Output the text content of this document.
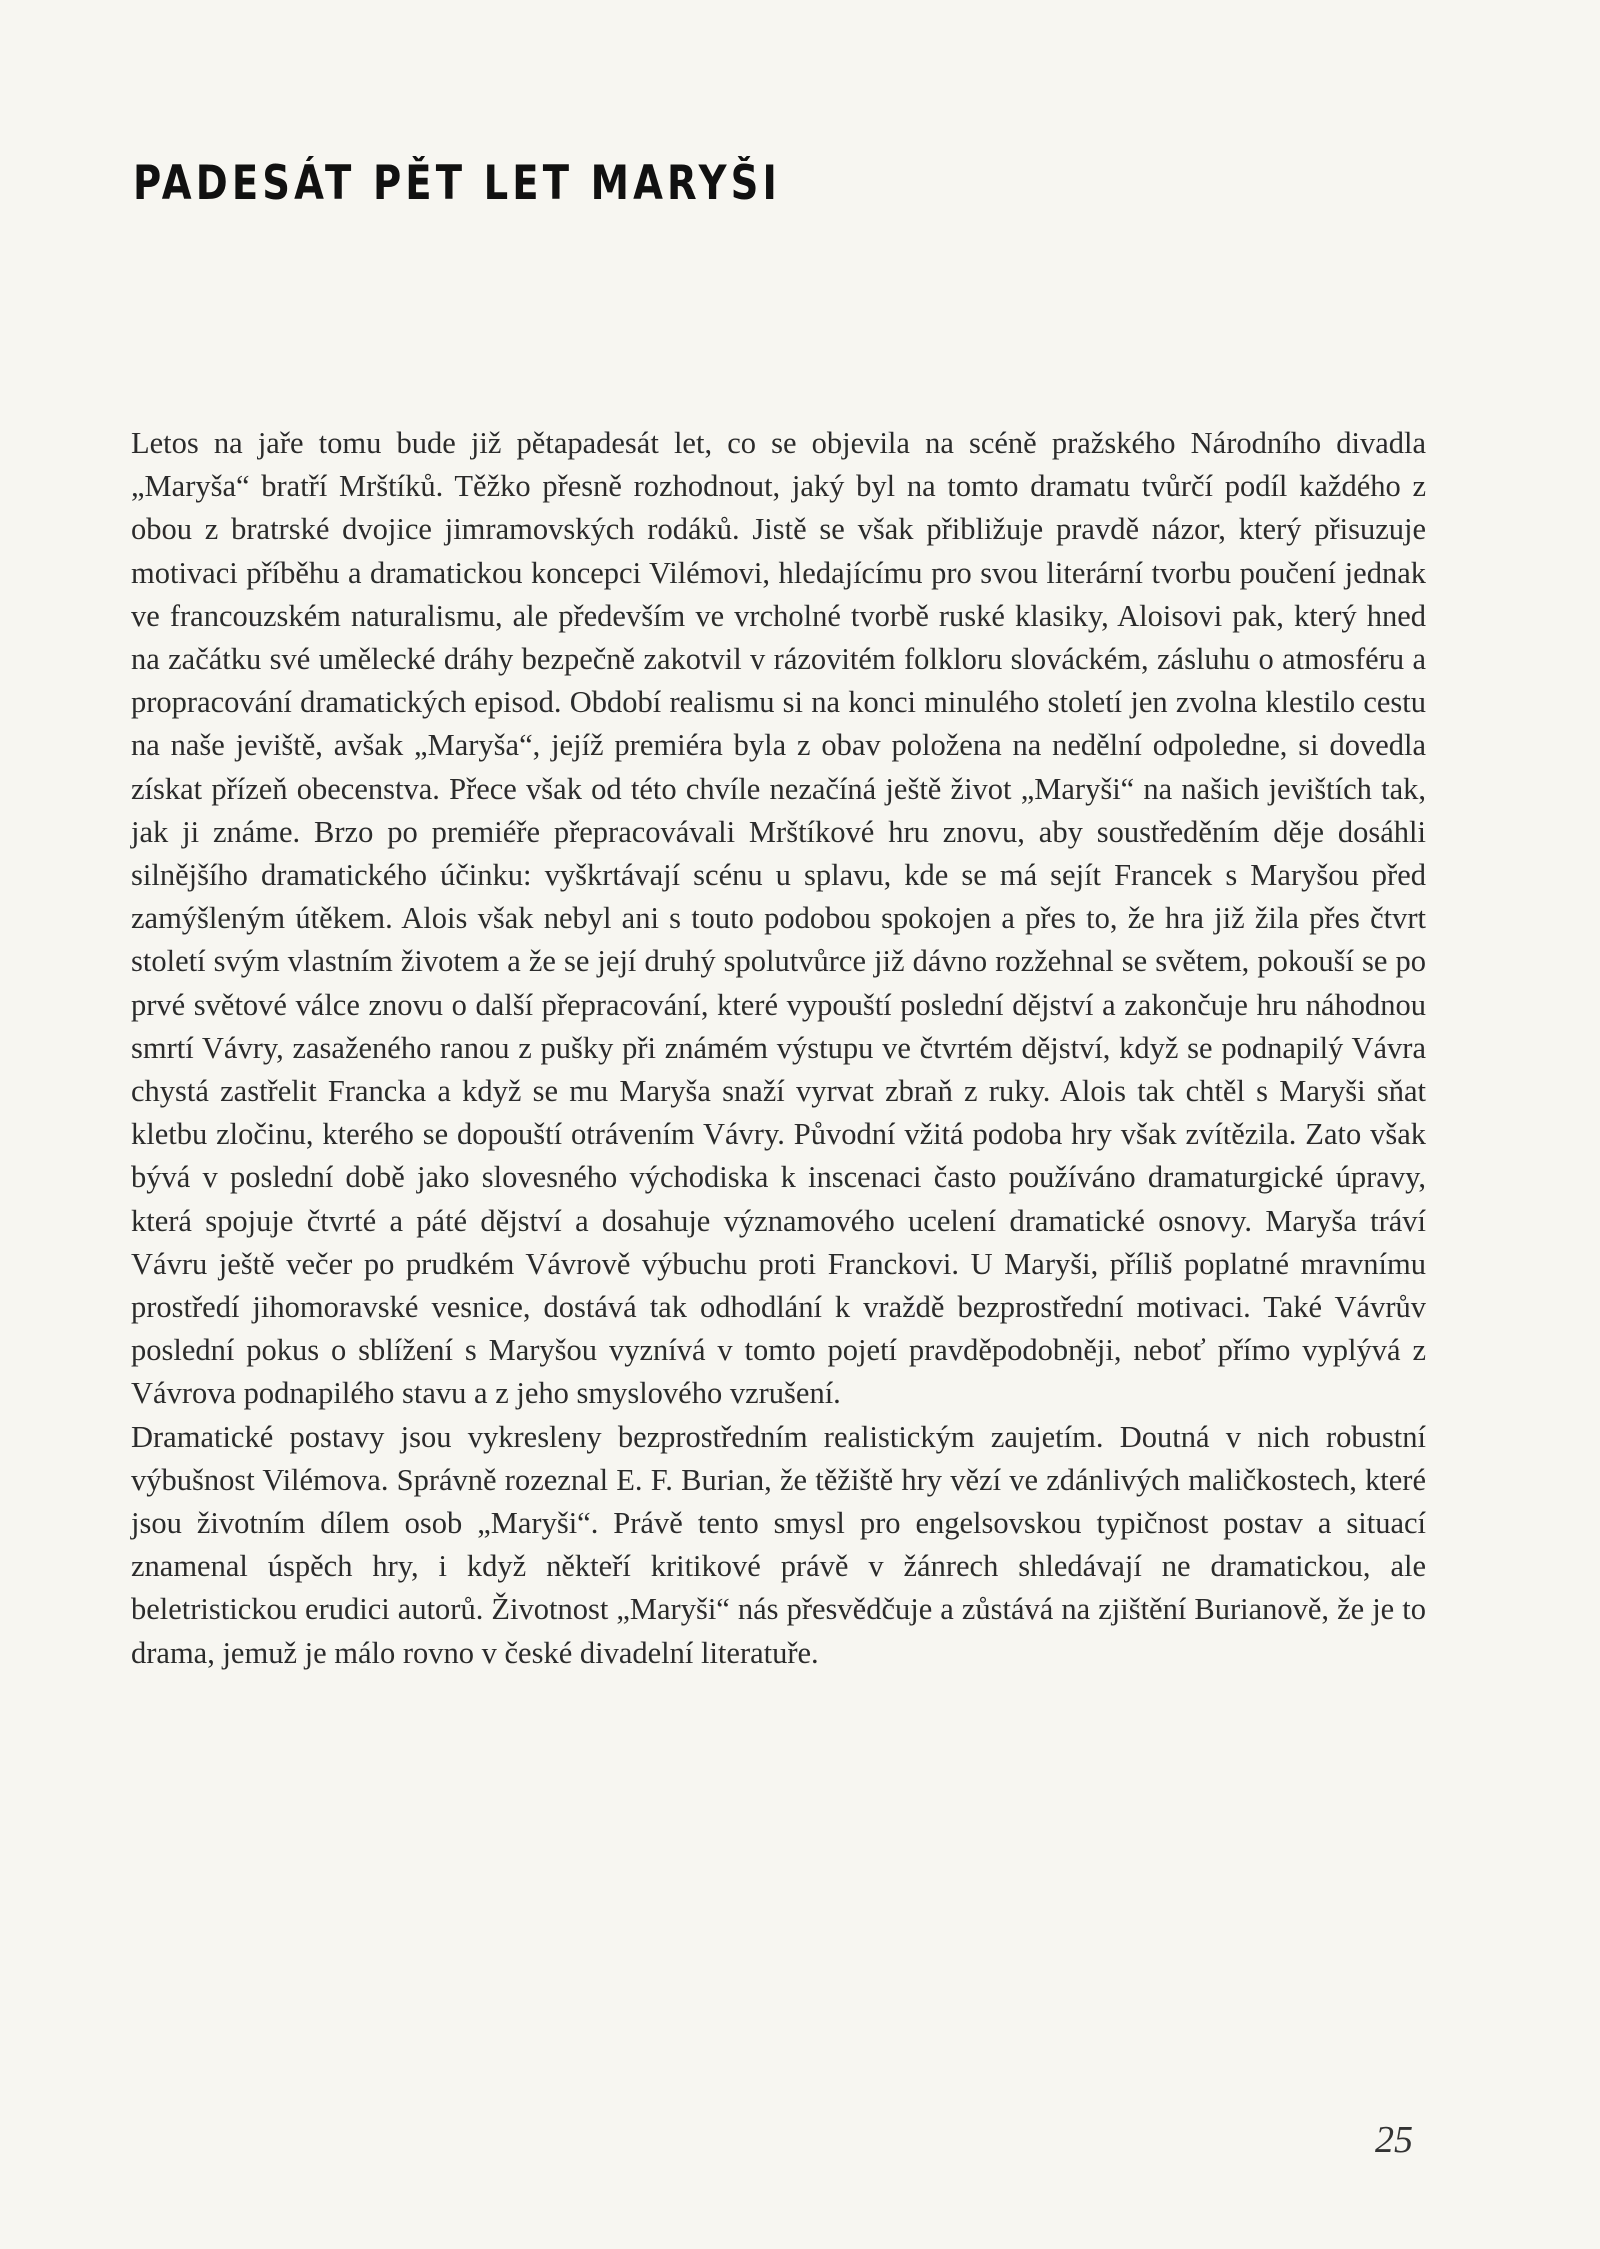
PADESÁT PĚT LET MARYŠI

Letos na jaře tomu bude již pětapadesát let, co se objevila na scéně pražského Národního divadla „Maryša“ bratří Mrštíků. Těžko přesně rozhodnout, jaký byl na tomto dramatu tvůrčí podíl každého z obou z bratrské dvojice jimramovských rodáků. Jistě se však přibližuje pravdě názor, který přisuzuje motivaci příběhu a dramatickou koncepci Vilémovi, hledajícímu pro svou literární tvorbu poučení jednak ve francouzském naturalismu, ale především ve vrcholné tvorbě ruské klasiky, Aloisovi pak, který hned na začátku své umělecké dráhy bezpečně zakotvil v rázovitém folkloru slováckém, zásluhu o atmosféru a propracování dramatických episod. Období realismu si na konci minulého století jen zvolna klestilo cestu na naše jeviště, avšak „Maryša“, jejíž premiéra byla z obav položena na nedělní odpoledne, si dovedla získat přízeň obecenstva. Přece však od této chvíle nezačíná ještě život „Maryši“ na našich jevištích tak, jak ji známe. Brzo po premiéře přepracovávali Mrštíkové hru znovu, aby soustředěním děje dosáhli silnějšího dramatického účinku: vyškrtávají scénu u splavu, kde se má sejít Francek s Maryšou před zamýšleným útěkem. Alois však nebyl ani s touto podobou spokojen a přes to, že hra již žila přes čtvrt století svým vlastním životem a že se její druhý spolutvůrce již dávno rozžehnal se světem, pokouší se po prvé světové válce znovu o další přepracování, které vypouští poslední dějství a zakončuje hru náhodnou smrtí Vávry, zasaženého ranou z pušky při známém výstupu ve čtvrtém dějství, když se podnapilý Vávra chystá zastřelit Francka a když se mu Maryša snaží vyrvat zbraň z ruky. Alois tak chtěl s Maryši sňat kletbu zločinu, kterého se dopouští otrávením Vávry. Původní vžitá podoba hry však zvítězila. Zato však bývá v poslední době jako slovesného východiska k inscenaci často používáno dramaturgické úpravy, která spojuje čtvrté a páté dějství a dosahuje významového ucelení dramatické osnovy. Maryša tráví Vávru ještě večer po prudkém Vávrově výbuchu proti Franckovi. U Maryši, příliš poplatné mravnímu prostředí jihomoravské vesnice, dostává tak odhodlání k vraždě bezprostřední motivaci. Také Vávrův poslední pokus o sblížení s Maryšou vyznívá v tomto pojetí pravděpodobněji, neboť přímo vyplývá z Vávrova podnapilého stavu a z jeho smyslového vzrušení.

Dramatické postavy jsou vykresleny bezprostředním realistickým zaujetím. Doutná v nich robustní výbušnost Vilémova. Správně rozeznal E. F. Burian, že těžiště hry vězí ve zdánlivých maličkostech, které jsou životním dílem osob „Maryši“. Právě tento smysl pro engelsovskou typičnost postav a situací znamenal úspěch hry, i když někteří kritikové právě v žánrech shledávají ne dramatickou, ale beletristickou erudici autorů. Životnost „Maryši“ nás přesvědčuje a zůstává na zjištění Burianově, že je to drama, jemuž je málo rovno v české divadelní literatuře.

25
